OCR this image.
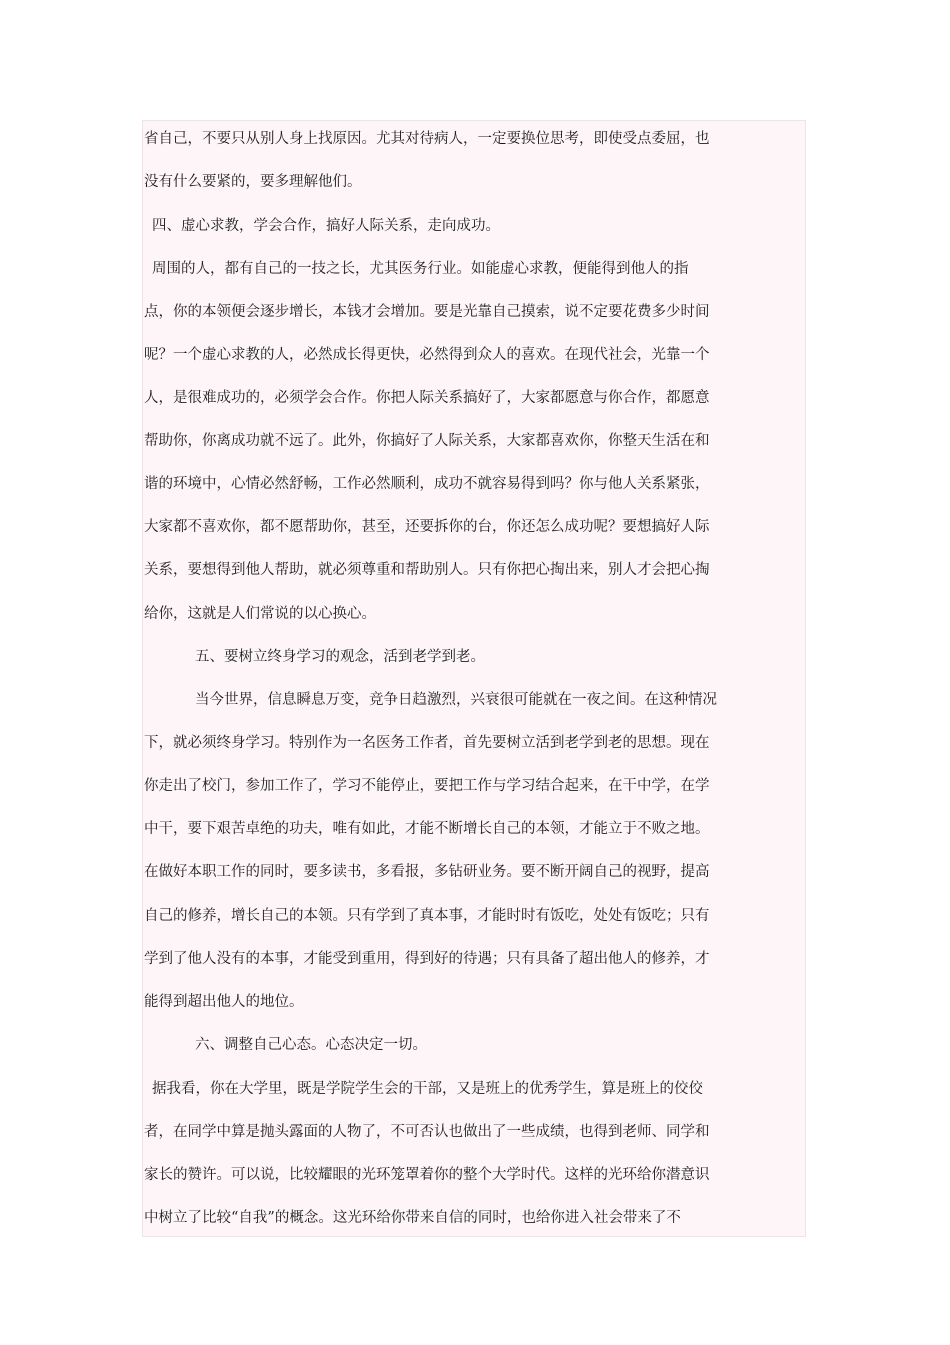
省自己，不要只从别人身上找原因。尤其对待病人，一定要换位思考，即使受点委屈，也
没有什么要紧的，要多理解他们。
四、虚心求教，学会合作，搞好人际关系，走向成功。
周围的人，都有自己的一技之长，尤其医务行业。如能虚心求教，便能得到他人的指
点，你的本领便会逐步增长，本钱才会增加。要是光靠自己摸索，说不定要花费多少时间
呢？一个虚心求教的人，必然成长得更快，必然得到众人的喜欢。在现代社会，光靠一个
人，是很难成功的，必须学会合作。你把人际关系搞好了，大家都愿意与你合作，都愿意
帮助你，你离成功就不远了。此外，你搞好了人际关系，大家都喜欢你，你整天生活在和
谐的环境中，心情必然舒畅，工作必然顺利，成功不就容易得到吗？你与他人关系紧张，
大家都不喜欢你，都不愿帮助你，甚至，还要拆你的台，你还怎么成功呢？要想搞好人际
关系，要想得到他人帮助，就必须尊重和帮助别人。只有你把心掏出来，别人才会把心掏
给你，这就是人们常说的以心换心。
五、要树立终身学习的观念，活到老学到老。
当今世界，信息瞬息万变，竞争日趋激烈，兴衰很可能就在一夜之间。在这种情况
下，就必须终身学习。特别作为一名医务工作者，首先要树立活到老学到老的思想。现在
你走出了校门，参加工作了，学习不能停止，要把工作与学习结合起来，在干中学，在学
中干，要下艰苦卓绝的功夫，唯有如此，才能不断增长自己的本领，才能立于不败之地。
在做好本职工作的同时，要多读书，多看报，多钻研业务。要不断开阔自己的视野，提高
自己的修养，增长自己的本领。只有学到了真本事，才能时时有饭吃，处处有饭吃；只有
学到了他人没有的本事，才能受到重用，得到好的待遇；只有具备了超出他人的修养，才
能得到超出他人的地位。
六、调整自己心态。心态决定一切。
据我看，你在大学里，既是学院学生会的干部，又是班上的优秀学生，算是班上的佼佼
者，在同学中算是抛头露面的人物了，不可否认也做出了一些成绩，也得到老师、同学和
家长的赞许。可以说，比较耀眼的光环笼罩着你的整个大学时代。这样的光环给你潜意识
中树立了比较“自我”的概念。这光环给你带来自信的同时，也给你进入社会带来了不
